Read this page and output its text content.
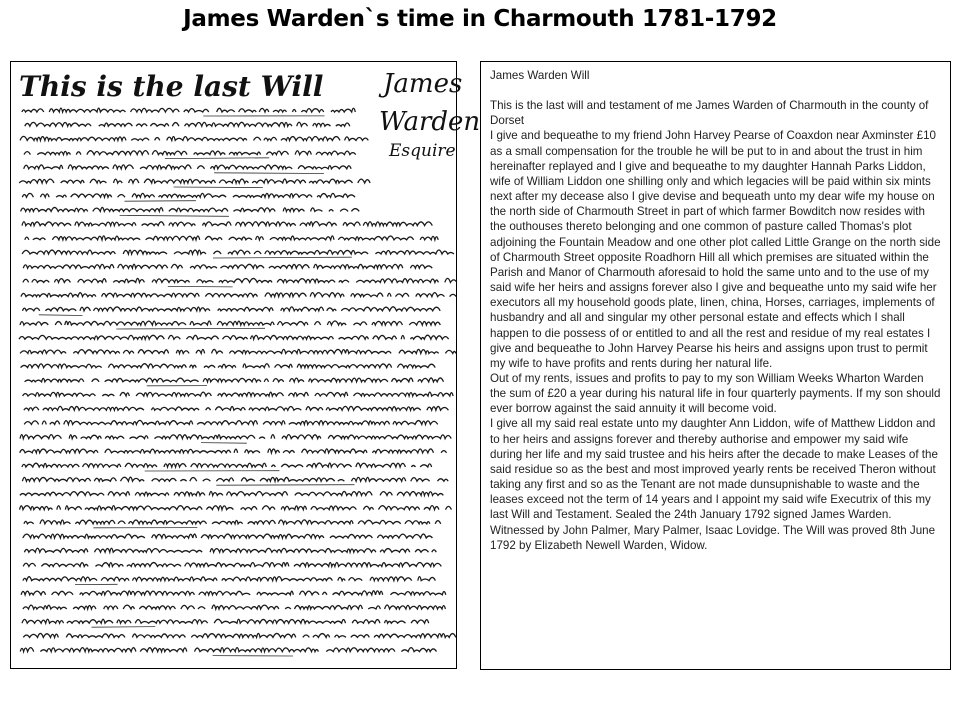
James Warden`s time in Charmouth 1781-1792
This is the last Will James
Warden
Esquire
James Warden Will

This is the last will and testament of me James Warden of Charmouth in the county of Dorset

I give and bequeathe to my friend John Harvey Pearse of Coaxdon near Axminster £10 as a small compensation for the trouble he will be put to in and about the trust in him hereinafter replayed and I give and bequeathe to my daughter Hannah Parks Liddon, wife of William Liddon one shilling only and which legacies will be paid within six mints next after my decease also I give devise and bequeath unto my dear wife my house on the north side of Charmouth Street in part of which farmer Bowditch now resides with the outhouses thereto belonging and one common of pasture called Thomas's plot adjoining the Fountain Meadow and one other plot called Little Grange on the north side of Charmouth Street opposite Roadhorn Hill all which premises are situated within the Parish and Manor of Charmouth aforesaid to hold the same unto and to the use of my said wife her heirs and assigns forever also I give and bequeathe unto my said wife her executors all my household goods plate, linen, china, Horses, carriages, implements of husbandry and all and singular my other personal estate and effects which I shall happen to die possess of or entitled to and all the rest and residue of my real estates I give and bequeathe to John Harvey Pearse his heirs and assigns upon trust to permit my wife to have profits and rents during her natural life.

Out of my rents, issues and profits to pay to my son William Weeks Wharton Warden the sum of £20 a year during his natural life in four quarterly payments. If my son should ever borrow against the said annuity it will become void.

I give all my said real estate unto my daughter Ann Liddon, wife of Matthew Liddon and to her heirs and assigns forever and thereby authorise and empower my said wife during her life and my said trustee and his heirs after the decade to make Leases of the said residue so as the best and most improved yearly rents be received Theron without taking any first and so as the Tenant are not made dunsupnishable to waste and the leases exceed not the term of 14 years and I appoint my said wife Executrix of this my last Will and Testament. Sealed the 24th January 1792 signed James Warden. Witnessed by John Palmer, Mary Palmer, Isaac Lovidge. The Will was proved 8th June 1792 by Elizabeth Newell Warden, Widow.
